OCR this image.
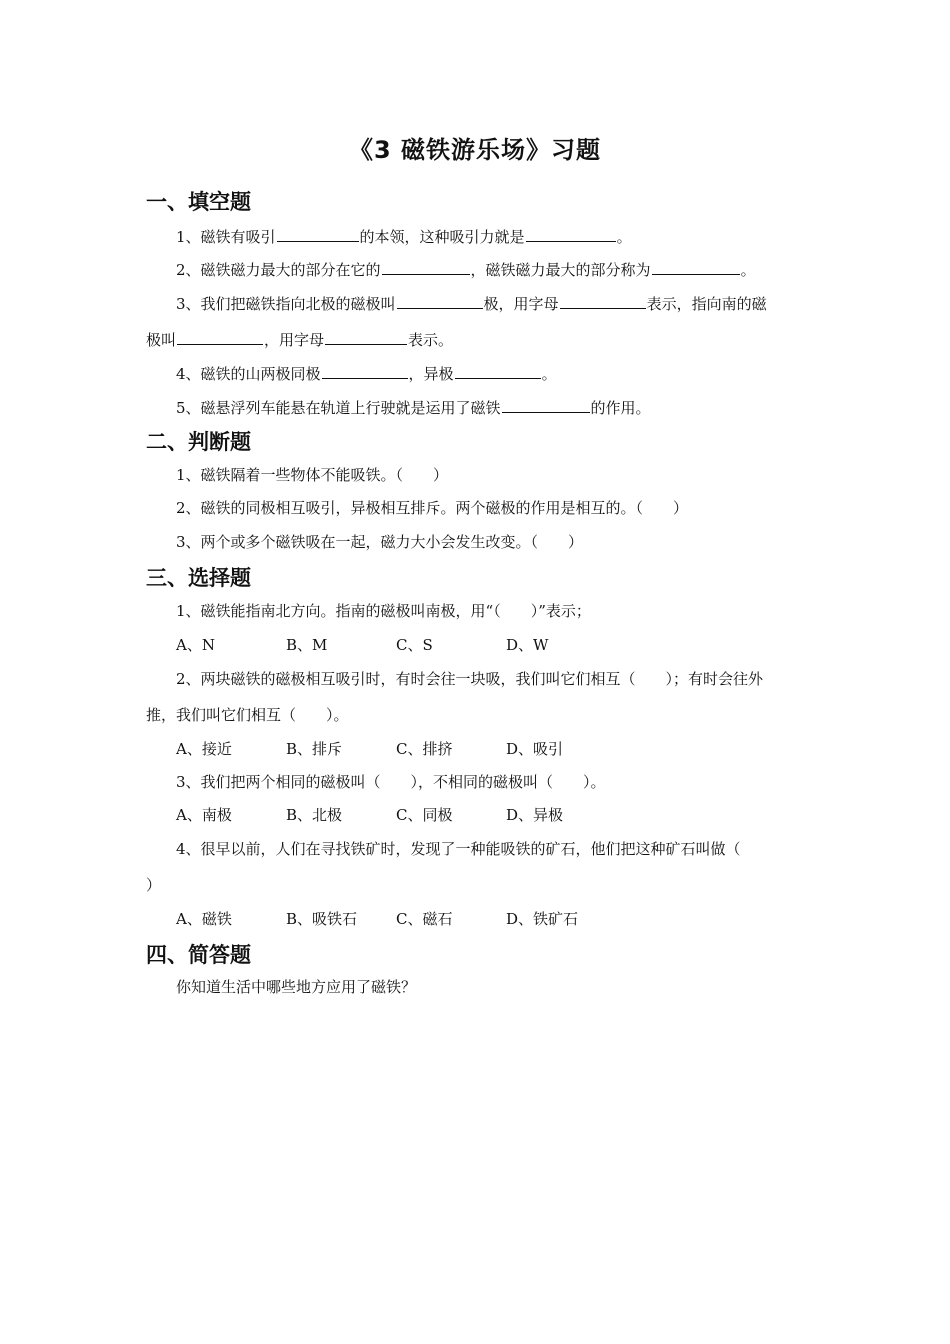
《3 磁铁游乐场》习题
一、填空题
1、磁铁有吸引	的本领，这种吸引力就是	。
2、磁铁磁力最大的部分在它的	，磁铁磁力最大的部分称为	。
3、我们把磁铁指向北极的磁极叫	极，用字母	表示，指向南的磁
极叫	，用字母	表示。
4、磁铁的山两极同极	，异极	。
5、磁悬浮列车能悬在轨道上行驶就是运用了磁铁	的作用。
二、判断题
1、磁铁隔着一些物体不能吸铁。（　　）
2、磁铁的同极相互吸引，异极相互排斥。两个磁极的作用是相互的。（　　）
3、两个或多个磁铁吸在一起，磁力大小会发生改变。（　　）
三、选择题
1、磁铁能指南北方向。指南的磁极叫南极，用“（　　）”表示；
A、N	B、M	C、S	D、W
2、两块磁铁的磁极相互吸引时，有时会往一块吸，我们叫它们相互（　　）；有时会往外
推，我们叫它们相互（　　）。
A、接近	B、排斥	C、排挤	D、吸引
3、我们把两个相同的磁极叫（　　），不相同的磁极叫（　　）。
A、南极	B、北极	C、同极	D、异极
4、很早以前，人们在寻找铁矿时，发现了一种能吸铁的矿石，他们把这种矿石叫做（
）
A、磁铁	B、吸铁石	C、磁石	D、铁矿石
四、简答题
你知道生活中哪些地方应用了磁铁？
